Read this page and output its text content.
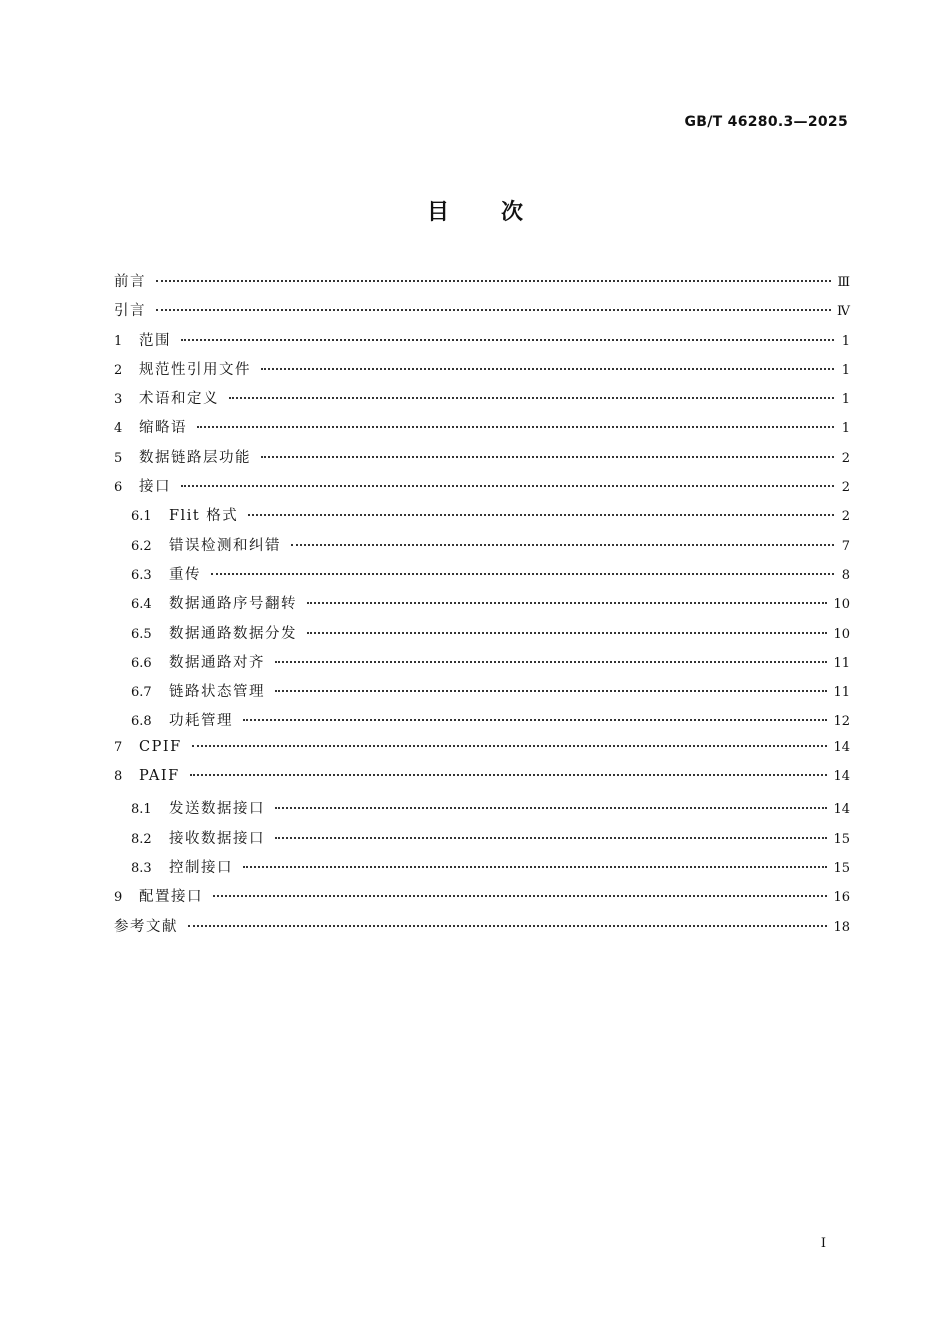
GB/T 46280.3—2025
目次
前言	Ⅲ
引言	Ⅳ
1	范围	1
2	规范性引用文件	1
3	术语和定义	1
4	缩略语	1
5	数据链路层功能	2
6	接口	2
6.1	Flit 格式	2
6.2	错误检测和纠错	7
6.3	重传	8
6.4	数据通路序号翻转	10
6.5	数据通路数据分发	10
6.6	数据通路对齐	11
6.7	链路状态管理	11
6.8	功耗管理	12
7	CPIF	14
8	PAIF	14
8.1	发送数据接口	14
8.2	接收数据接口	15
8.3	控制接口	15
9	配置接口	16
参考文献	18
I
